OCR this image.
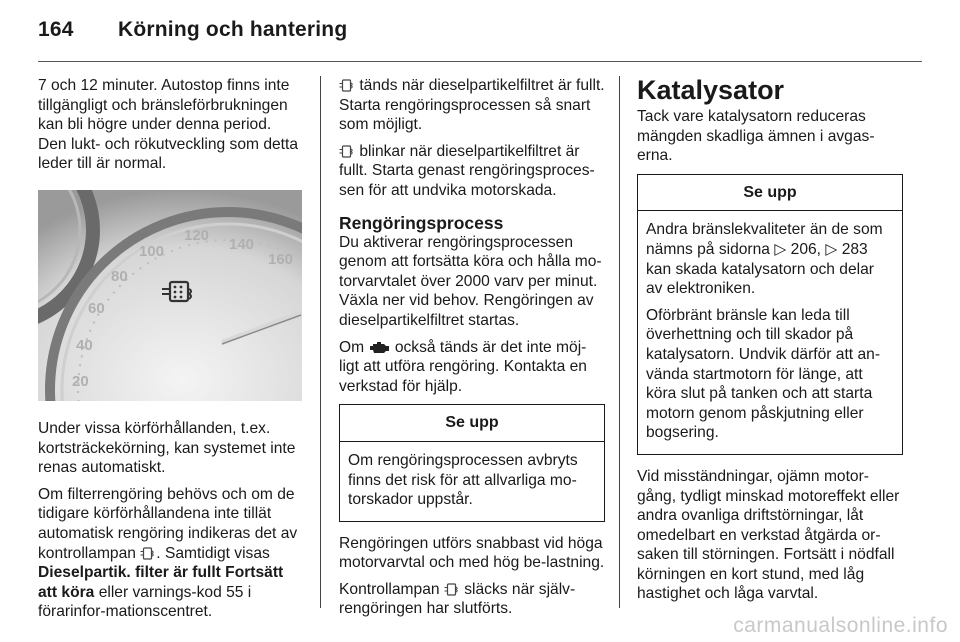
164 Körning och hantering

7 och 12 minuter. Autostop finns inte tillgängligt och bränsleförbrukningen kan bli högre under denna period. Den lukt- och rökutveckling som detta leder till är normal.

20
40
60
80
100
120
140
160

Under vissa körförhållanden, t.ex. kortsträckekörning, kan systemet inte renas automatiskt.

Om filterrengöring behövs och om de tidigare körförhållandena inte tillät automatisk rengöring indikeras det av kontrollampan . Samtidigt visas Dieselpartik. filter är fullt Fortsätt att köra eller varnings-kod 55 i förarinfor-mationscentret.

tänds när dieselpartikelfiltret är fullt. Starta rengöringsprocessen så snart som möjligt.

blinkar när dieselpartikelfiltret är fullt. Starta genast rengöringsproces-sen för att undvika motorskada.

Rengöringsprocess

Du aktiverar rengöringsprocessen genom att fortsätta köra och hålla mo-torvarvtalet över 2000 varv per minut. Växla ner vid behov. Rengöringen av dieselpartikelfiltret startas.

Om också tänds är det inte möj-ligt att utföra rengöring. Kontakta en verkstad för hjälp.

Se upp

Om rengöringsprocessen avbryts finns det risk för att allvarliga mo-torskador uppstår.

Rengöringen utförs snabbast vid höga motorvarvtal och med hög be-lastning.

Kontrollampan släcks när själv-rengöringen har slutförts.

Katalysator

Tack vare katalysatorn reduceras mängden skadliga ämnen i avgas-erna.

Se upp

Andra bränslekvaliteter än de som nämns på sidorna ▷ 206, ▷ 283 kan skada katalysatorn och delar av elektroniken.

Oförbränt bränsle kan leda till överhettning och till skador på katalysatorn. Undvik därför att an-vända startmotorn för länge, att köra slut på tanken och att starta motorn genom påskjutning eller bogsering.

Vid misständningar, ojämn motor-gång, tydligt minskad motoreffekt eller andra ovanliga driftstörningar, låt omedelbart en verkstad åtgärda or-saken till störningen. Fortsätt i nödfall körningen en kort stund, med låg hastighet och låga varvtal.

carmanualsonline.info
